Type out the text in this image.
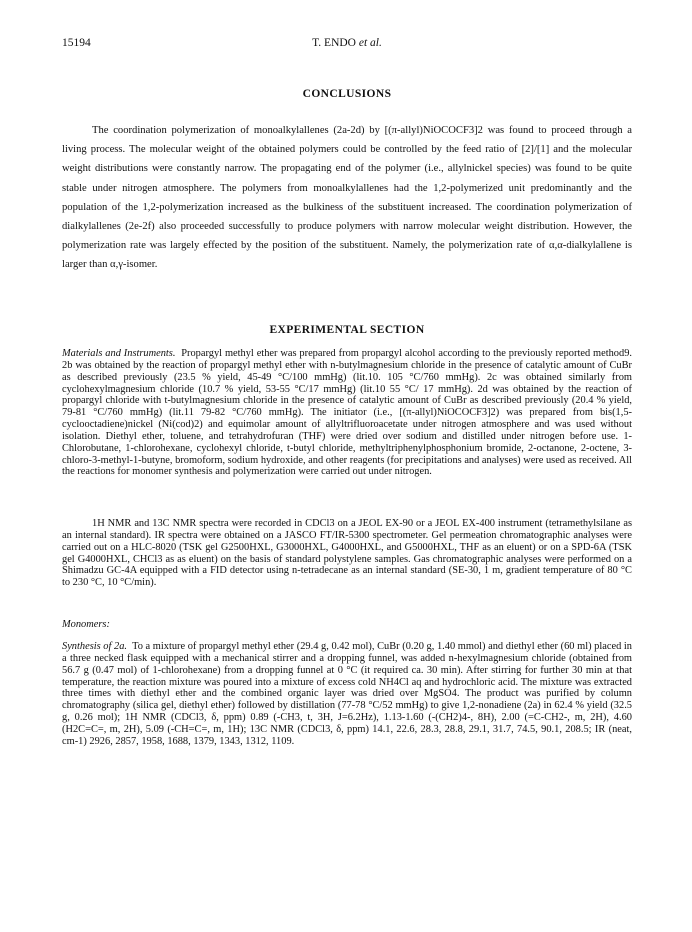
15194	T. ENDO et al.
CONCLUSIONS

The coordination polymerization of monoalkylallenes (2a-2d) by [(π-allyl)NiOCOCF3]2 was found to proceed through a living process. The molecular weight of the obtained polymers could be controlled by the feed ratio of [2]/[1] and the molecular weight distributions were constantly narrow. The propagating end of the polymer (i.e., allylnickel species) was found to be quite stable under nitrogen atmosphere. The polymers from monoalkylallenes had the 1,2-polymerized unit predominantly and the population of the 1,2-polymerization increased as the bulkiness of the substituent increased. The coordination polymerization of dialkylallenes (2e-2f) also proceeded successfully to produce polymers with narrow molecular weight distribution. However, the polymerization rate was largely effected by the position of the substituent. Namely, the polymerization rate of α,α-dialkylallene is larger than α,γ-isomer.

EXPERIMENTAL SECTION

Materials and Instruments. Propargyl methyl ether was prepared from propargyl alcohol according to the previously reported method9. 2b was obtained by the reaction of propargyl methyl ether with n-butylmagnesium chloride in the presence of catalytic amount of CuBr as described previously (23.5 % yield, 45-49 °C/100 mmHg) (lit.10. 105 °C/760 mmHg). 2c was obtained similarly from cyclohexylmagnesium chloride (10.7 % yield, 53-55 °C/17 mmHg) (lit.10 55 °C/ 17 mmHg). 2d was obtained by the reaction of propargyl chloride with t-butylmagnesium chloride in the presence of catalytic amount of CuBr as described previously (20.4 % yield, 79-81 °C/760 mmHg) (lit.11 79-82 °C/760 mmHg). The initiator (i.e., [(π-allyl)NiOCOCF3]2) was prepared from bis(1,5-cyclooctadiene)nickel (Ni(cod)2) and equimolar amount of allyltrifluoroacetate under nitrogen atmosphere and was used without isolation. Diethyl ether, toluene, and tetrahydrofuran (THF) were dried over sodium and distilled under nitrogen before use. 1-Chlorobutane, 1-chlorohexane, cyclohexyl chloride, t-butyl chloride, methyltriphenylphosphonium bromide, 2-octanone, 2-octene, 3-chloro-3-methyl-1-butyne, bromoform, sodium hydroxide, and other reagents (for precipitations and analyses) were used as received. All the reactions for monomer synthesis and polymerization were carried out under nitrogen.

1H NMR and 13C NMR spectra were recorded in CDCl3 on a JEOL EX-90 or a JEOL EX-400 instrument (tetramethylsilane as an internal standard). IR spectra were obtained on a JASCO FT/IR-5300 spectrometer. Gel permeation chromatographic analyses were carried out on a HLC-8020 (TSK gel G2500HXL, G3000HXL, G4000HXL, and G5000HXL, THF as an eluent) or on a SPD-6A (TSK gel G4000HXL, CHCl3 as as eluent) on the basis of standard polystylene samples. Gas chromatographic analyses were performed on a Shimadzu GC-4A equipped with a FID detector using n-tetradecane as an internal standard (SE-30, 1 m, gradient temperature of 80 °C to 230 °C, 10 °C/min).

Monomers:

Synthesis of 2a. To a mixture of propargyl methyl ether (29.4 g, 0.42 mol), CuBr (0.20 g, 1.40 mmol) and diethyl ether (60 ml) placed in a three necked flask equipped with a mechanical stirrer and a dropping funnel, was added n-hexylmagnesium chloride (obtained from 56.7 g (0.47 mol) of 1-chlorohexane) from a dropping funnel at 0 °C (it required ca. 30 min). After stirring for further 30 min at that temperature, the reaction mixture was poured into a mixture of excess cold NH4Cl aq and hydrochloric acid. The mixture was extracted three times with diethyl ether and the combined organic layer was dried over MgSO4. The product was purified by column chromatography (silica gel, diethyl ether) followed by distillation (77-78 °C/52 mmHg) to give 1,2-nonadiene (2a) in 62.4 % yield (32.5 g, 0.26 mol); 1H NMR (CDCl3, δ, ppm) 0.89 (-CH3, t, 3H, J=6.2Hz), 1.13-1.60 (-(CH2)4-, 8H), 2.00 (=C-CH2-, m, 2H), 4.60 (H2C=C=, m, 2H), 5.09 (-CH=C=, m, 1H); 13C NMR (CDCl3, δ, ppm) 14.1, 22.6, 28.3, 28.8, 29.1, 31.7, 74.5, 90.1, 208.5; IR (neat, cm-1) 2926, 2857, 1958, 1688, 1379, 1343, 1312, 1109.
